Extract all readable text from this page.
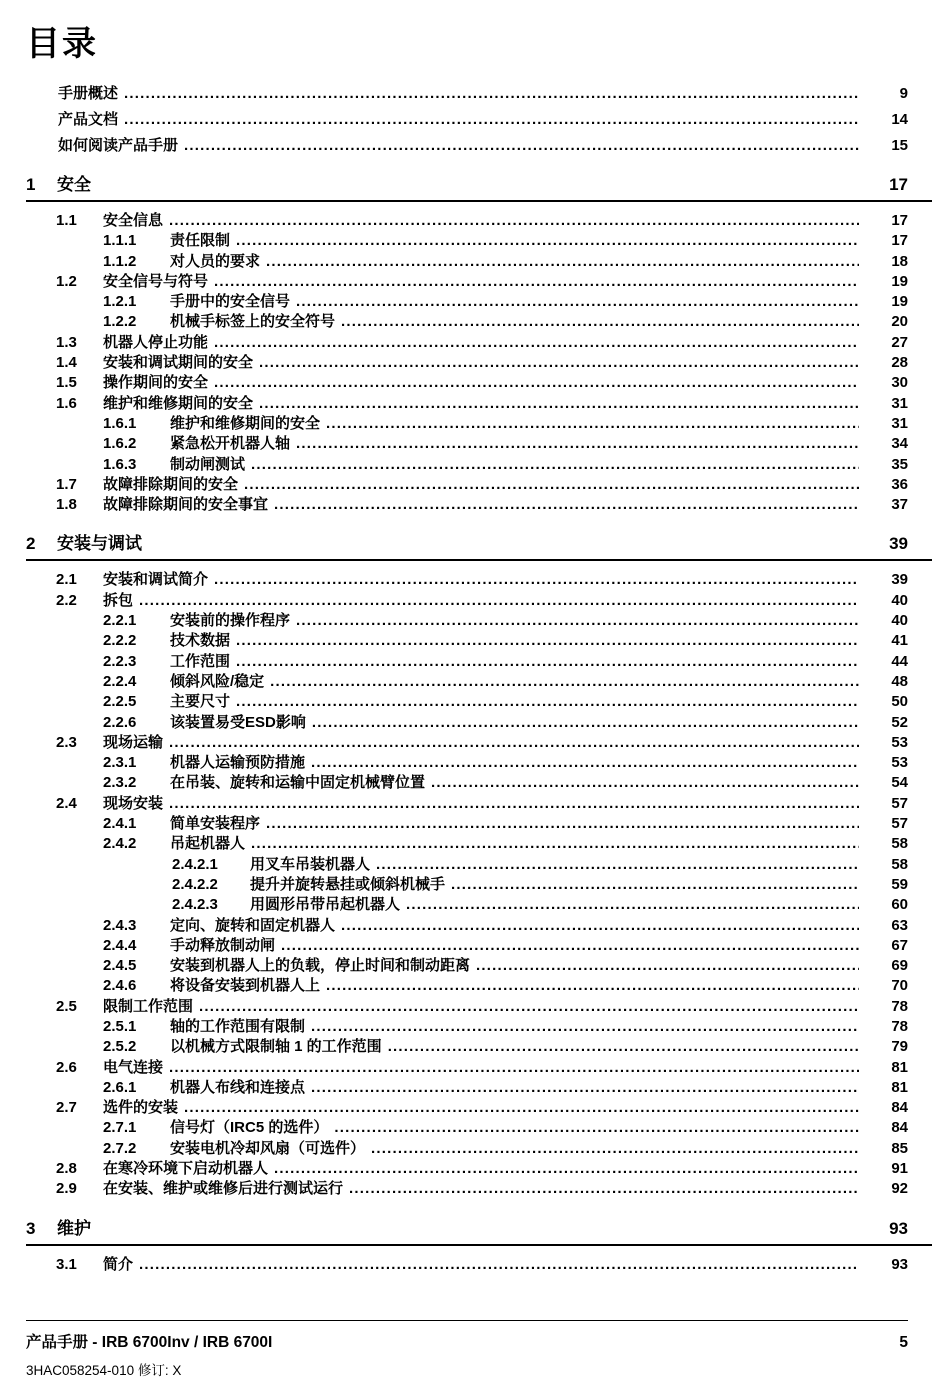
目录
手册概述 .....	9
产品文档 .....	14
如何阅读产品手册 .....	15
1	安全	17
1.1	安全信息 .....	17
1.1.1	责任限制 .....	17
1.1.2	对人员的要求 .....	18
1.2	安全信号与符号 .....	19
1.2.1	手册中的安全信号 .....	19
1.2.2	机械手标签上的安全符号 .....	20
1.3	机器人停止功能 .....	27
1.4	安装和调试期间的安全 .....	28
1.5	操作期间的安全 .....	30
1.6	维护和维修期间的安全 .....	31
1.6.1	维护和维修期间的安全 .....	31
1.6.2	紧急松开机器人轴 .....	34
1.6.3	制动闸测试 .....	35
1.7	故障排除期间的安全 .....	36
1.8	故障排除期间的安全事宜 .....	37
2	安装与调试	39
2.1	安装和调试简介 .....	39
2.2	拆包 .....	40
2.2.1	安装前的操作程序 .....	40
2.2.2	技术数据 .....	41
2.2.3	工作范围 .....	44
2.2.4	倾斜风险/稳定 .....	48
2.2.5	主要尺寸 .....	50
2.2.6	该装置易受ESD影响 .....	52
2.3	现场运输 .....	53
2.3.1	机器人运输预防措施 .....	53
2.3.2	在吊装、旋转和运输中固定机械臂位置 .....	54
2.4	现场安装 .....	57
2.4.1	简单安装程序 .....	57
2.4.2	吊起机器人 .....	58
2.4.2.1	用叉车吊装机器人 .....	58
2.4.2.2	提升并旋转悬挂或倾斜机械手 .....	59
2.4.2.3	用圆形吊带吊起机器人 .....	60
2.4.3	定向、旋转和固定机器人 .....	63
2.4.4	手动释放制动闸 .....	67
2.4.5	安装到机器人上的负载，停止时间和制动距离 .....	69
2.4.6	将设备安装到机器人上 .....	70
2.5	限制工作范围 .....	78
2.5.1	轴的工作范围有限制 .....	78
2.5.2	以机械方式限制轴 1 的工作范围 .....	79
2.6	电气连接 .....	81
2.6.1	机器人布线和连接点 .....	81
2.7	选件的安装 .....	84
2.7.1	信号灯（IRC5 的选件） .....	84
2.7.2	安装电机冷却风扇（可选件） .....	85
2.8	在寒冷环境下启动机器人 .....	91
2.9	在安装、维护或维修后进行测试运行 .....	92
3	维护	93
3.1	简介 .....	93
产品手册 - IRB 6700Inv / IRB 6700I	5
3HAC058254-010 修订: X
